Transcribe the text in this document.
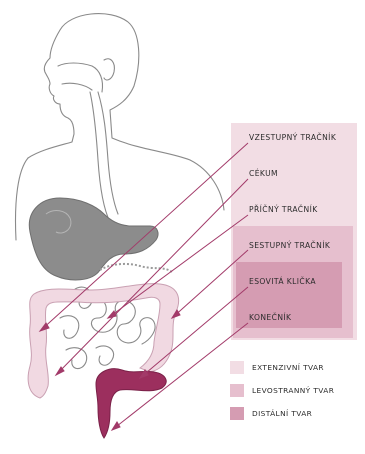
VZESTUPNÝ TRAČNÍK
CÉKUM
PŘÍČNÝ TRAČNÍK
SESTUPNÝ TRAČNÍK
ESOVITÁ KLIČKA
KONEČNÍK
EXTENZIVNÍ TVAR
LEVOSTRANNÝ TVAR
DISTÁLNÍ TVAR
